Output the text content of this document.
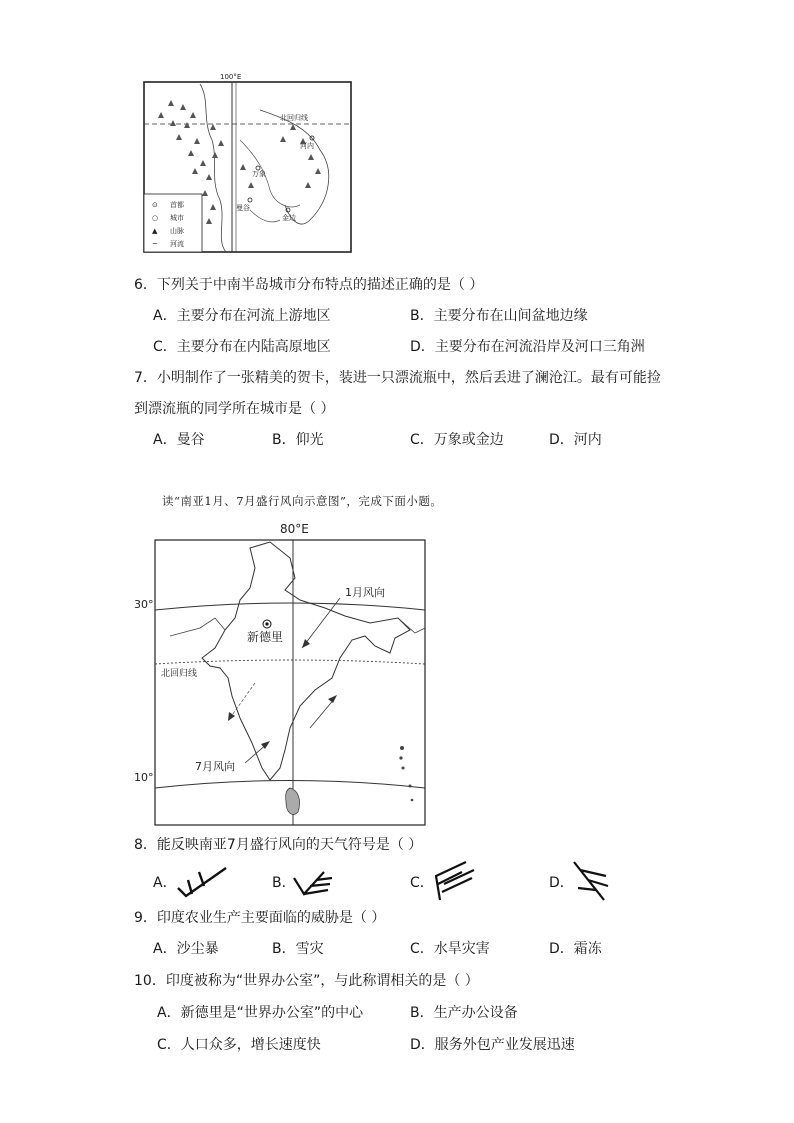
100°E
北回归线
河内
万象
曼谷
金边
⊙ 首都
○ 城市
▲ 山脉
~ 河流
6．下列关于中南半岛城市分布特点的描述正确的是（ ）
A．主要分布在河流上游地区	B．主要分布在山间盆地边缘
C．主要分布在内陆高原地区	D．主要分布在河流沿岸及河口三角洲
7．小明制作了一张精美的贺卡，装进一只漂流瓶中，然后丢进了澜沧江。最有可能捡
到漂流瓶的同学所在城市是（ ）
A．曼谷	B．仰光	C．万象或金边	D．河内
读“南亚1月、7月盛行风向示意图”，完成下面小题。
80°E
30°
10°
北回归线
新德里
1月风向
7月风向
8．能反映南亚7月盛行风向的天气符号是（ ）
A．	B．	C．	D．
9．印度农业生产主要面临的威胁是（ ）
A．沙尘暴	B．雪灾	C．水旱灾害	D．霜冻
10．印度被称为“世界办公室”，与此称谓相关的是（ ）
A．新德里是“世界办公室”的中心	B．生产办公设备
C．人口众多，增长速度快	D．服务外包产业发展迅速
